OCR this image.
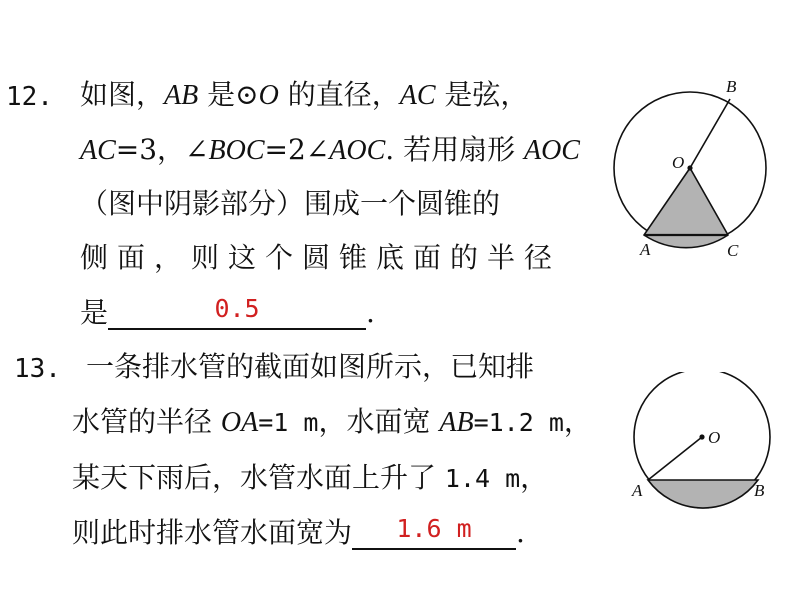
12. 如图，AB 是⊙O 的直径，AC 是弦，
AC=3，∠BOC=2∠AOC. 若用扇形 AOC
（图中阴影部分）围成一个圆锥的
侧面，则这个圆锥底面的半径
是	0.5	.
B
O
A	C
13. 一条排水管的截面如图所示，已知排
水管的半径 OA=1 m，水面宽 AB=1.2 m，
某天下雨后，水管水面上升了 1.4 m，
则此时排水管水面宽为	1.6 m	.
O
A	B
